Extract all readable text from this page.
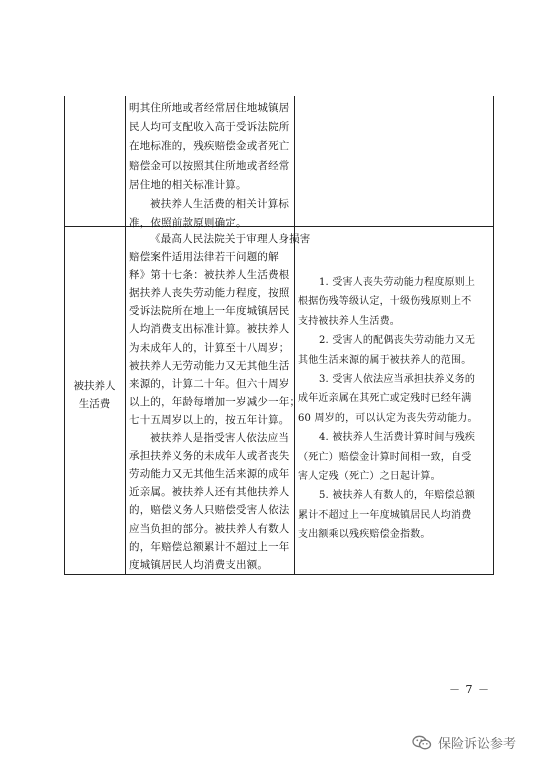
明其住所地或者经常居住地城镇居

民人均可支配收入高于受诉法院所

在地标准的，残疾赔偿金或者死亡

赔偿金可以按照其住所地或者经常

居住地的相关标准计算。

被扶养人生活费的相关计算标

准，依照前款原则确定。

被扶养人
生活费

《最高人民法院关于审理人身损害

赔偿案件适用法律若干问题的解

释》第十七条：被扶养人生活费根

据扶养人丧失劳动能力程度，按照

受诉法院所在地上一年度城镇居民

人均消费支出标准计算。被扶养人

为未成年人的，计算至十八周岁；

被扶养人无劳动能力又无其他生活

来源的，计算二十年。但六十周岁

以上的，年龄每增加一岁减少一年；

七十五周岁以上的，按五年计算。

被扶养人是指受害人依法应当

承担扶养义务的未成年人或者丧失

劳动能力又无其他生活来源的成年

近亲属。被扶养人还有其他扶养人

的，赔偿义务人只赔偿受害人依法

应当负担的部分。被扶养人有数人

的，年赔偿总额累计不超过上一年

度城镇居民人均消费支出额。

1. 受害人丧失劳动能力程度原则上

根据伤残等级认定，十级伤残原则上不

支持被扶养人生活费。

2. 受害人的配偶丧失劳动能力又无

其他生活来源的属于被扶养人的范围。

3. 受害人依法应当承担扶养义务的

成年近亲属在其死亡或定残时已经年满

60 周岁的，可以认定为丧失劳动能力。

4. 被扶养人生活费计算时间与残疾

（死亡）赔偿金计算时间相一致，自受

害人定残（死亡）之日起计算。

5. 被扶养人有数人的，年赔偿总额

累计不超过上一年度城镇居民人均消费

支出额乘以残疾赔偿金指数。

－ 7 －
保险诉讼参考
